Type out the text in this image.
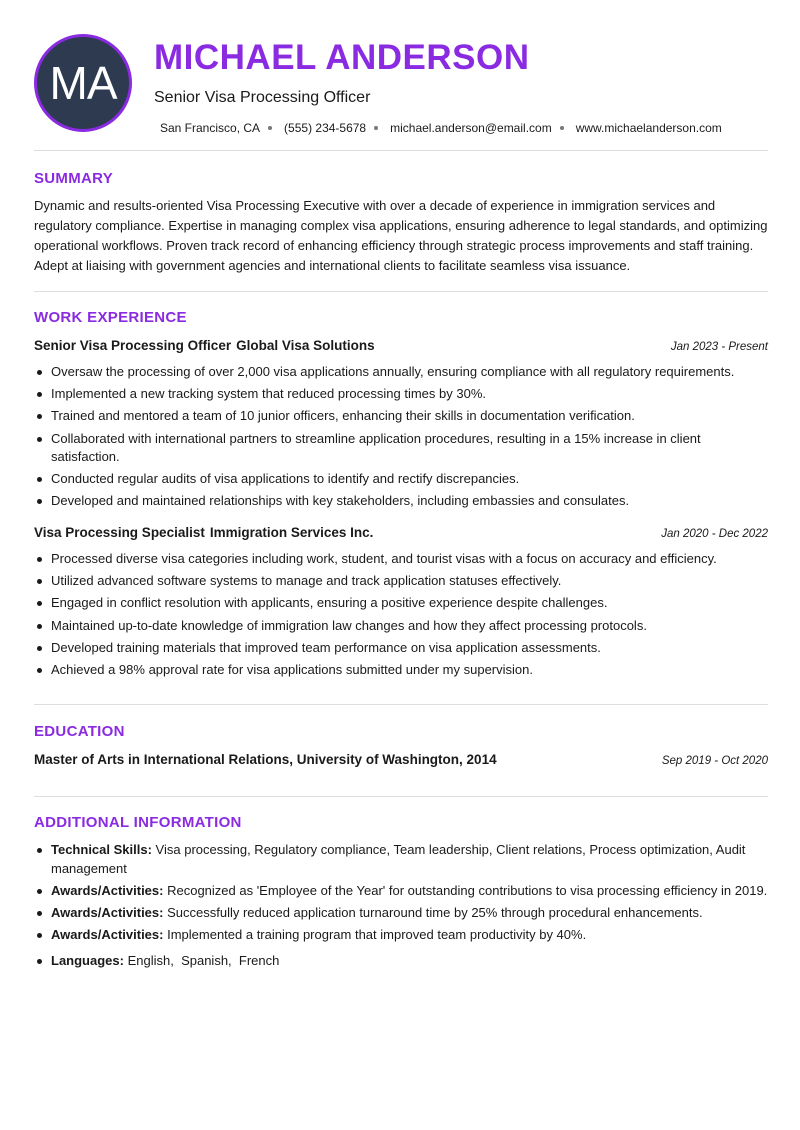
MA MICHAEL ANDERSON
Senior Visa Processing Officer
San Francisco, CA (555) 234-5678 michael.anderson@email.com www.michaelanderson.com
SUMMARY
Dynamic and results-oriented Visa Processing Executive with over a decade of experience in immigration services and regulatory compliance. Expertise in managing complex visa applications, ensuring adherence to legal standards, and optimizing operational workflows. Proven track record of enhancing efficiency through strategic process improvements and staff training. Adept at liaising with government agencies and international clients to facilitate seamless visa issuance.
WORK EXPERIENCE
Senior Visa Processing Officer Global Visa Solutions	Jan 2023 - Present
Oversaw the processing of over 2,000 visa applications annually, ensuring compliance with all regulatory requirements.
Implemented a new tracking system that reduced processing times by 30%.
Trained and mentored a team of 10 junior officers, enhancing their skills in documentation verification.
Collaborated with international partners to streamline application procedures, resulting in a 15% increase in client satisfaction.
Conducted regular audits of visa applications to identify and rectify discrepancies.
Developed and maintained relationships with key stakeholders, including embassies and consulates.
Visa Processing Specialist Immigration Services Inc.	Jan 2020 - Dec 2022
Processed diverse visa categories including work, student, and tourist visas with a focus on accuracy and efficiency.
Utilized advanced software systems to manage and track application statuses effectively.
Engaged in conflict resolution with applicants, ensuring a positive experience despite challenges.
Maintained up-to-date knowledge of immigration law changes and how they affect processing protocols.
Developed training materials that improved team performance on visa application assessments.
Achieved a 98% approval rate for visa applications submitted under my supervision.
EDUCATION
Master of Arts in International Relations, University of Washington, 2014	Sep 2019 - Oct 2020
ADDITIONAL INFORMATION
Technical Skills: Visa processing, Regulatory compliance, Team leadership, Client relations, Process optimization, Audit management
Awards/Activities: Recognized as 'Employee of the Year' for outstanding contributions to visa processing efficiency in 2019.
Awards/Activities: Successfully reduced application turnaround time by 25% through procedural enhancements.
Awards/Activities: Implemented a training program that improved team productivity by 40%.
Languages: English,  Spanish,  French
